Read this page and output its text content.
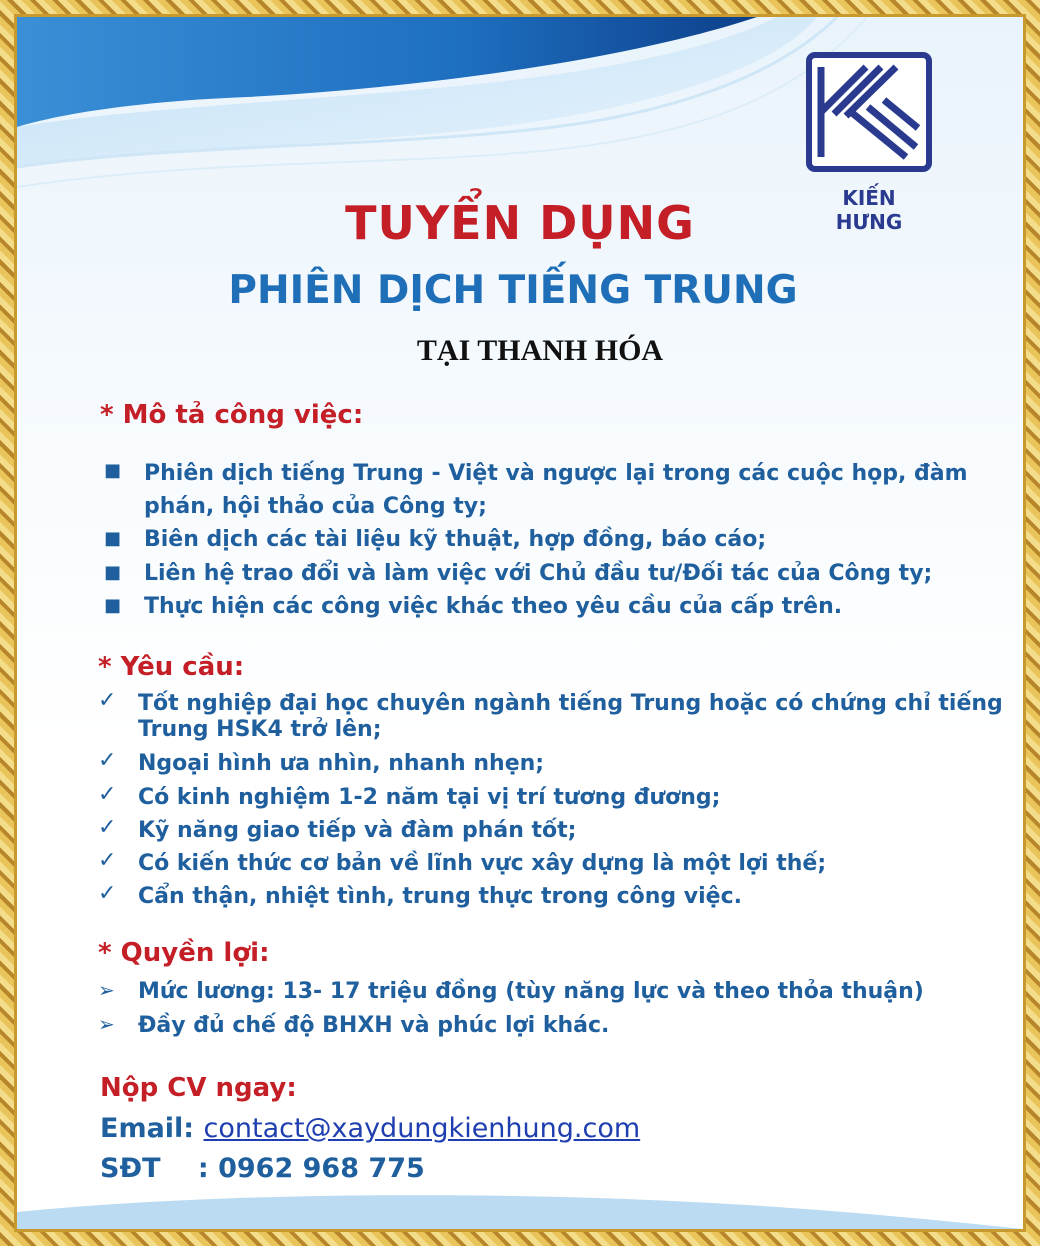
KIẾN HƯNG
TUYỂN DỤNG
PHIÊN DỊCH TIẾNG TRUNG
TẠI THANH HÓA
* Mô tả công việc:
■ Phiên dịch tiếng Trung - Việt và ngược lại trong các cuộc họp, đàm
phán, hội thảo của Công ty;
■ Biên dịch các tài liệu kỹ thuật, hợp đồng, báo cáo;
■ Liên hệ trao đổi và làm việc với Chủ đầu tư/Đối tác của Công ty;
■ Thực hiện các công việc khác theo yêu cầu của cấp trên.
* Yêu cầu:
✓ Tốt nghiệp đại học chuyên ngành tiếng Trung hoặc có chứng chỉ tiếng
Trung HSK4 trở lên;
✓ Ngoại hình ưa nhìn, nhanh nhẹn;
✓ Có kinh nghiệm 1-2 năm tại vị trí tương đương;
✓ Kỹ năng giao tiếp và đàm phán tốt;
✓ Có kiến thức cơ bản về lĩnh vực xây dựng là một lợi thế;
✓ Cẩn thận, nhiệt tình, trung thực trong công việc.
* Quyền lợi:
➢ Mức lương: 13- 17 triệu đồng (tùy năng lực và theo thỏa thuận)
➢ Đầy đủ chế độ BHXH và phúc lợi khác.
Nộp CV ngay:
Email: contact@xaydungkienhung.com
SĐT : 0962 968 775
